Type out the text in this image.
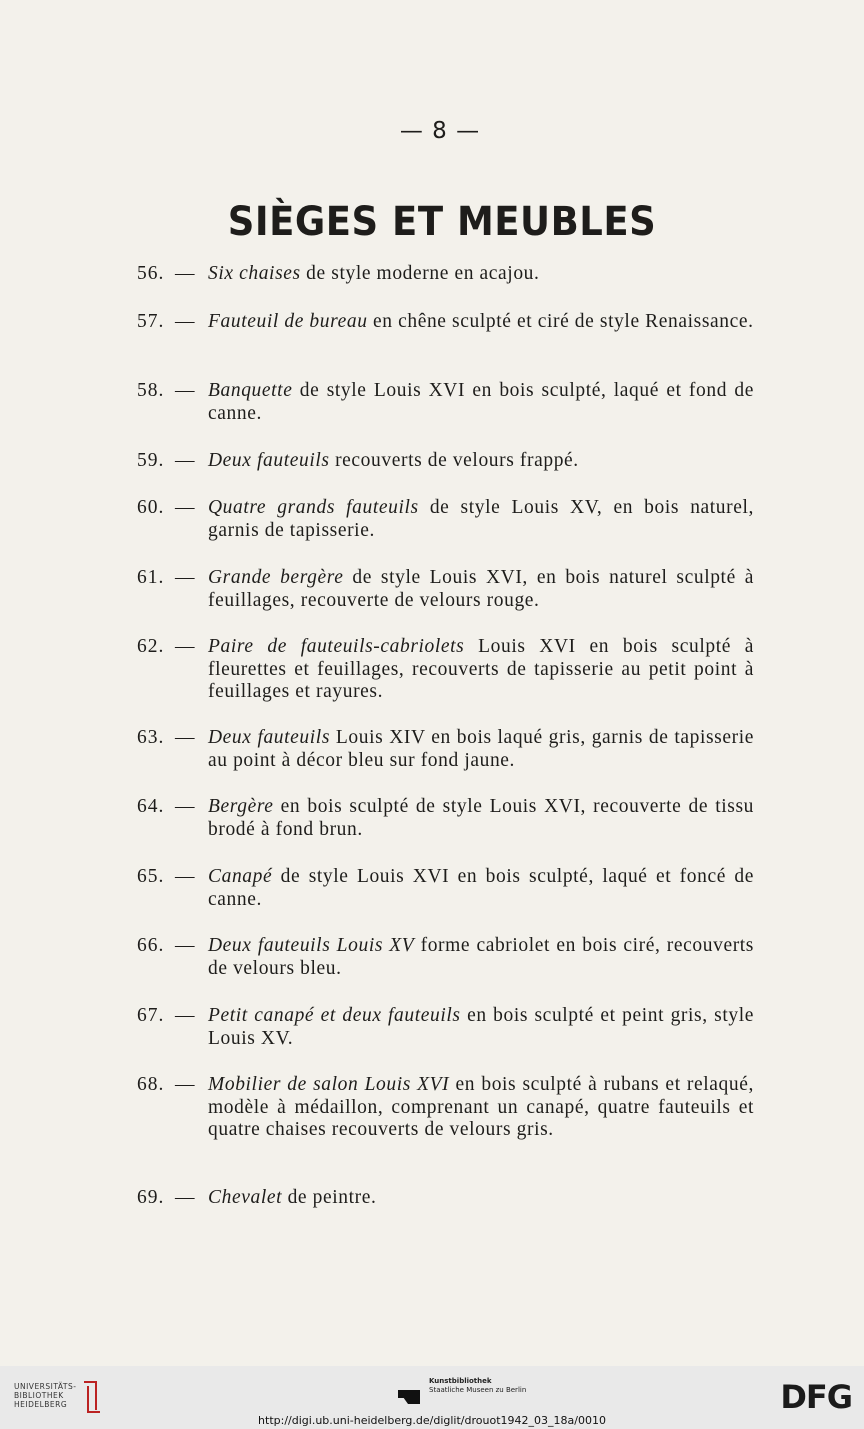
— 8 —
SIÈGES ET MEUBLES
56. — Six chaises de style moderne en acajou.
57. — Fauteuil de bureau en chêne sculpté et ciré de style Renaissance.
58. — Banquette de style Louis XVI en bois sculpté, laqué et fond de canne.
59. — Deux fauteuils recouverts de velours frappé.
60. — Quatre grands fauteuils de style Louis XV, en bois naturel, garnis de tapisserie.
61. — Grande bergère de style Louis XVI, en bois naturel sculpté à feuillages, recouverte de velours rouge.
62. — Paire de fauteuils-cabriolets Louis XVI en bois sculpté à fleurettes et feuillages, recouverts de tapisserie au petit point à feuillages et rayures.
63. — Deux fauteuils Louis XIV en bois laqué gris, garnis de tapisserie au point à décor bleu sur fond jaune.
64. — Bergère en bois sculpté de style Louis XVI, recouverte de tissu brodé à fond brun.
65. — Canapé de style Louis XVI en bois sculpté, laqué et foncé de canne.
66. — Deux fauteuils Louis XV forme cabriolet en bois ciré, recouverts de velours bleu.
67. — Petit canapé et deux fauteuils en bois sculpté et peint gris, style Louis XV.
68. — Mobilier de salon Louis XVI en bois sculpté à rubans et relaqué, modèle à médaillon, comprenant un canapé, quatre fauteuils et quatre chaises recouverts de velours gris.
69. — Chevalet de peintre.
UNIVERSITÄTS-
BIBLIOTHEK
HEIDELBERG
Kunstbibliothek
Staatliche Museen zu Berlin	DFG
http://digi.ub.uni-heidelberg.de/diglit/drouot1942_03_18a/0010
